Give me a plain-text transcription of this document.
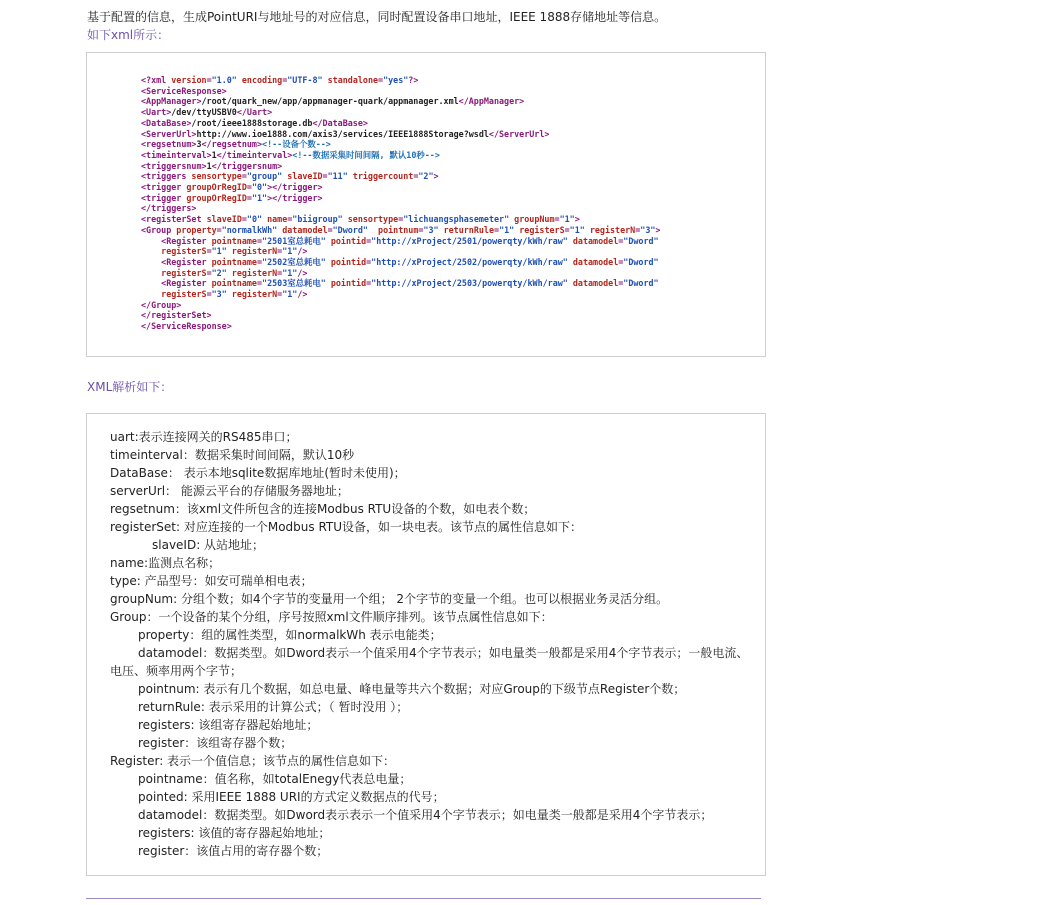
基于配置的信息，生成PointURI与地址号的对应信息，同时配置设备串口地址，IEEE 1888存储地址等信息。
如下xml所示：
<?xml version="1.0" encoding="UTF-8" standalone="yes"?>
<ServiceResponse>
<AppManager>/root/quark_new/app/appmanager-quark/appmanager.xml</AppManager>
<Uart>/dev/ttyUSBV0</Uart>
<DataBase>/root/ieee1888storage.db</DataBase>
<ServerUrl>http://www.ioe1888.com/axis3/services/IEEE1888Storage?wsdl</ServerUrl>
<regsetnum>3</regsetnum><!--设备个数-->
<timeinterval>1</timeinterval><!--数据采集时间间隔, 默认10秒-->
<triggersnum>1</triggersnum>
<triggers sensortype="group" slaveID="11" triggercount="2">
<trigger groupOrRegID="0"></trigger>
<trigger groupOrRegID="1"></trigger>
</triggers>
<registerSet slaveID="0" name="biigroup" sensortype="lichuangsphasemeter" groupNum="1">
<Group property="normalkWh" datamodel="Dword"  pointnum="3" returnRule="1" registerS="1" registerN="3">
<Register pointname="2501室总耗电" pointid="http://xProject/2501/powerqty/kWh/raw" datamodel="Dword"
registerS="1" registerN="1"/>
<Register pointname="2502室总耗电" pointid="http://xProject/2502/powerqty/kWh/raw" datamodel="Dword"
registerS="2" registerN="1"/>
<Register pointname="2503室总耗电" pointid="http://xProject/2503/powerqty/kWh/raw" datamodel="Dword"
registerS="3" registerN="1"/>
</Group>
</registerSet>
</ServiceResponse>
XML解析如下：
uart:表示连接网关的RS485串口；
timeinterval：数据采集时间间隔，默认10秒
DataBase： 表示本地sqlite数据库地址(暂时未使用)；
serverUrl： 能源云平台的存储服务器地址；
regsetnum：该xml文件所包含的连接Modbus RTU设备的个数，如电表个数；
registerSet: 对应连接的一个Modbus RTU设备，如一块电表。该节点的属性信息如下：
slaveID: 从站地址；
name:监测点名称；
type: 产品型号：如安可瑞单相电表；
groupNum: 分组个数；如4个字节的变量用一个组； 2个字节的变量一个组。也可以根据业务灵活分组。
Group：一个设备的某个分组，序号按照xml文件顺序排列。该节点属性信息如下：
property：组的属性类型，如normalkWh 表示电能类；
datamodel：数据类型。如Dword表示一个值采用4个字节表示；如电量类一般都是采用4个字节表示；一般电流、电压、频率用两个字节；
pointnum: 表示有几个数据，如总电量、峰电量等共六个数据；对应Group的下级节点Register个数；
returnRule: 表示采用的计算公式；（ 暂时没用 ）；
registers: 该组寄存器起始地址；
register：该组寄存器个数；
Register: 表示一个值信息；该节点的属性信息如下：
pointname：值名称，如totalEnegy代表总电量；
pointed: 采用IEEE 1888 URI的方式定义数据点的代号；
datamodel：数据类型。如Dword表示表示一个值采用4个字节表示；如电量类一般都是采用4个字节表示；
registers: 该值的寄存器起始地址；
register：该值占用的寄存器个数；
